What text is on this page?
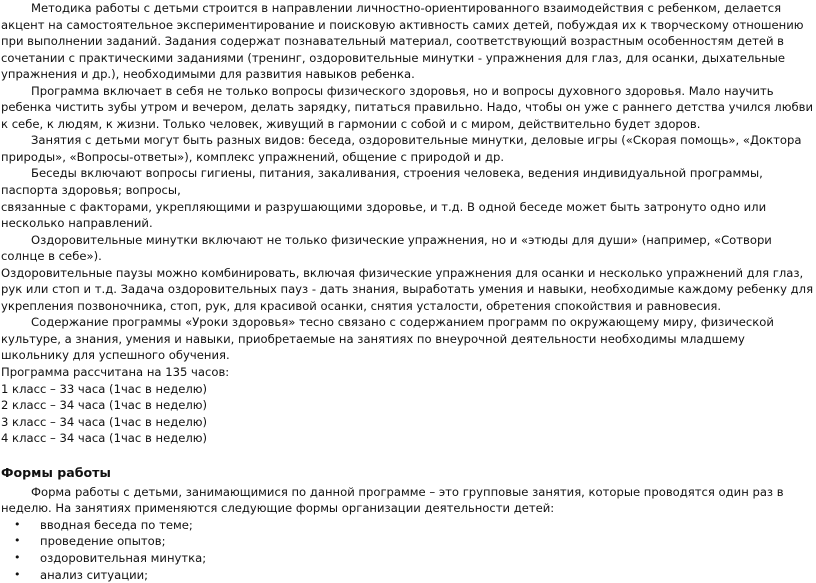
Методика работы с детьми строится в направлении личностно-ориентированного взаимодействия с ребенком, делается акцент на самостоятельное экспериментирование и поисковую активность самих детей, побуждая их к творческому отношению при выполнении заданий. Задания содержат познавательный материал, соответствующий возрастным особенностям детей в сочетании с практическими заданиями (тренинг, оздоровительные минутки - упражнения для глаз, для осанки, дыхательные упражнения и др.), необходимыми для развития навыков ребенка.

Программа включает в себя не только вопросы физического здоровья, но и вопросы духовного здоровья. Мало научить ребенка чистить зубы утром и вечером, делать зарядку, питаться правильно. Надо, чтобы он уже с раннего детства учился любви к себе, к людям, к жизни. Только человек, живущий в гармонии с собой и с миром, действительно будет здоров.

Занятия с детьми могут быть разных видов: беседа, оздоровительные минутки, деловые игры («Скорая помощь», «Доктора природы», «Вопросы-ответы»), комплекс упражнений, общение с природой и др.

Беседы включают вопросы гигиены, питания, закаливания, строения человека, ведения индивидуальной программы, паспорта здоровья; вопросы,

связанные с факторами, укрепляющими и разрушающими здоровье, и т.д. В одной беседе может быть затронуто одно или несколько направлений.

Оздоровительные минутки включают не только физические упражнения, но и «этюды для души» (например, «Сотвори солнце в себе»).

Оздоровительные паузы можно комбинировать, включая физические упражнения для осанки и несколько упражнений для глаз, рук или стоп и т.д. Задача оздоровительных пауз - дать знания, выработать умения и навыки, необходимые каждому ребенку для укрепления позвоночника, стоп, рук, для красивой осанки, снятия усталости, обретения спокойствия и равновесия.

Содержание программы «Уроки здоровья» тесно связано с содержанием программ по окружающему миру, физической культуре, а знания, умения и навыки, приобретаемые на занятиях по внеурочной деятельности необходимы младшему школьнику для успешного обучения.

Программа рассчитана на 135 часов:

1 класс – 33 часа (1час в неделю)

2 класс – 34 часа (1час в неделю)

3 класс – 34 часа (1час в неделю)

4 класс – 34 часа (1час в неделю)

Формы работы

Форма работы с детьми, занимающимися по данной программе – это групповые занятия, которые проводятся один раз в неделю. На занятиях применяются следующие формы организации деятельности детей:

• вводная беседа по теме;
• проведение опытов;
• оздоровительная минутка;
• анализ ситуации;
